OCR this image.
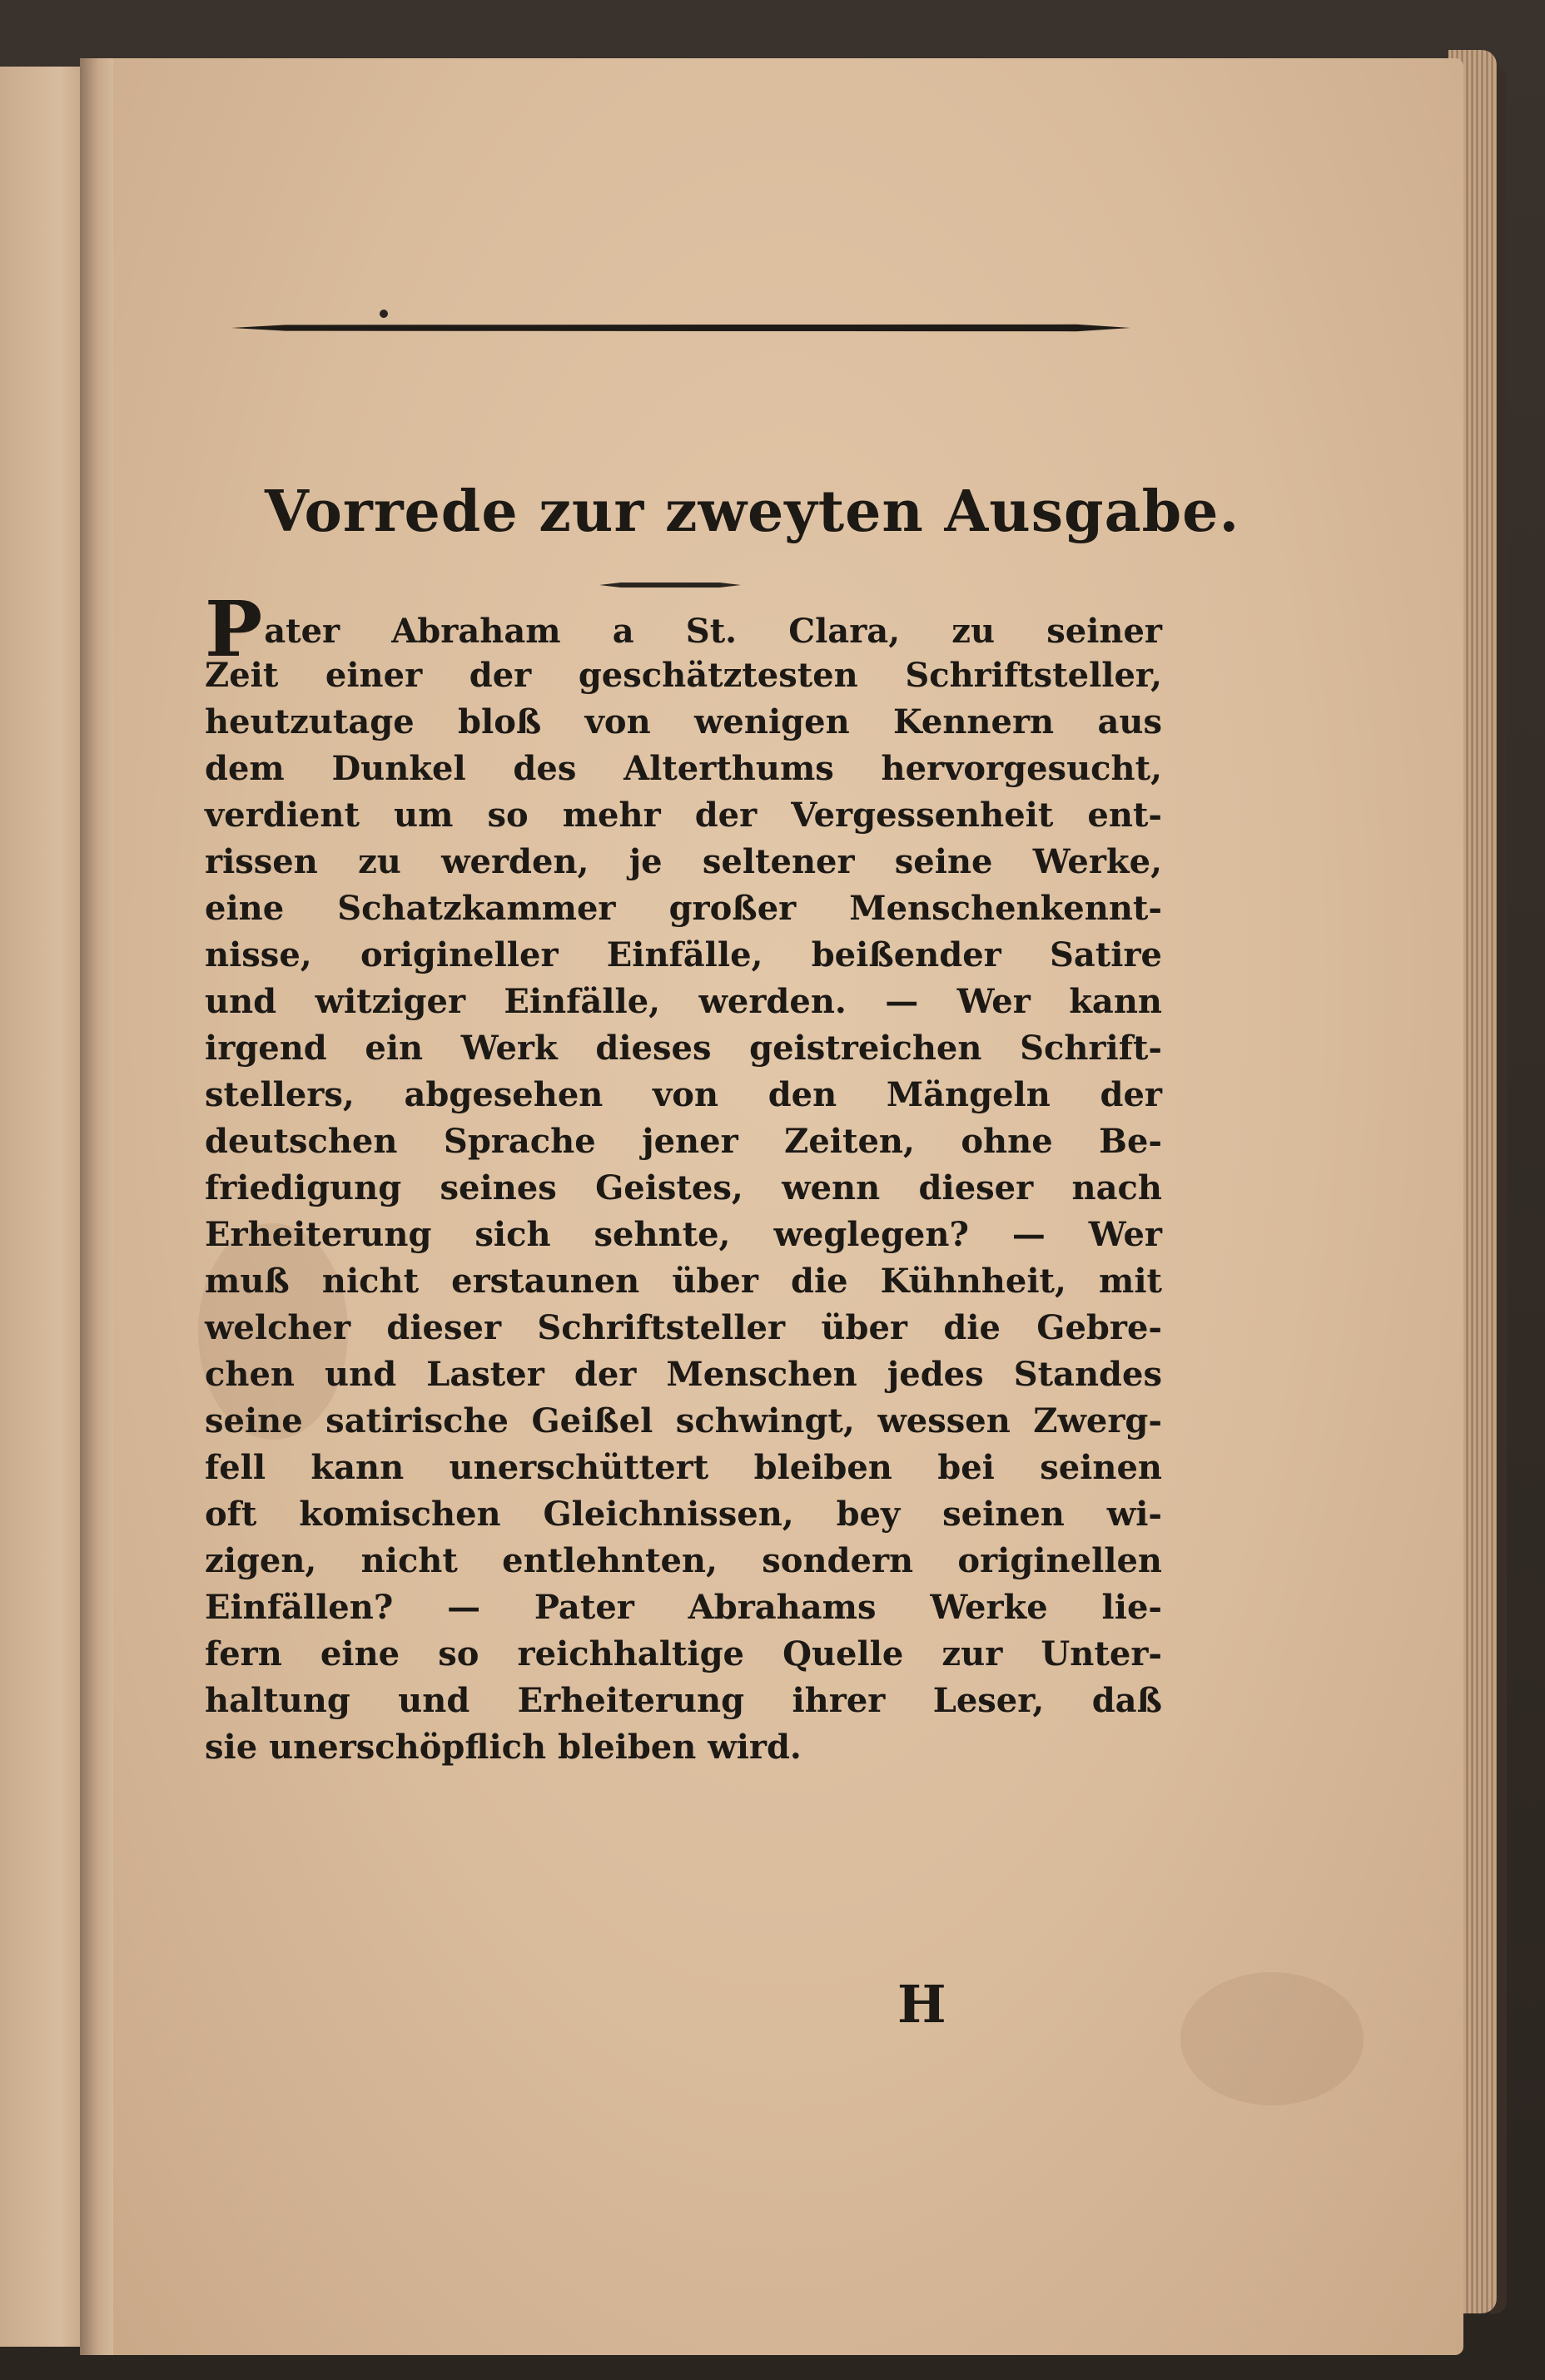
Vorrede zur zweyten Ausgabe.
Pater Abraham a St. Clara, zu seiner
Zeit einer der geschätztesten Schriftsteller,
heutzutage bloß von wenigen Kennern aus
dem Dunkel des Alterthums hervorgesucht,
verdient um so mehr der Vergessenheit ent-
rissen zu werden, je seltener seine Werke,
eine Schatzkammer großer Menschenkennt-
nisse, origineller Einfälle, beißender Satire
und witziger Einfälle, werden. — Wer kann
irgend ein Werk dieses geistreichen Schrift-
stellers, abgesehen von den Mängeln der
deutschen Sprache jener Zeiten, ohne Be-
friedigung seines Geistes, wenn dieser nach
Erheiterung sich sehnte, weglegen? — Wer
muß nicht erstaunen über die Kühnheit, mit
welcher dieser Schriftsteller über die Gebre-
chen und Laster der Menschen jedes Standes
seine satirische Geißel schwingt, wessen Zwerg-
fell kann unerschüttert bleiben bei seinen
oft komischen Gleichnissen, bey seinen wi-
zigen, nicht entlehnten, sondern originellen
Einfällen? — Pater Abrahams Werke lie-
fern eine so reichhaltige Quelle zur Unter-
haltung und Erheiterung ihrer Leser, daß
sie unerschöpflich bleiben wird.
H
